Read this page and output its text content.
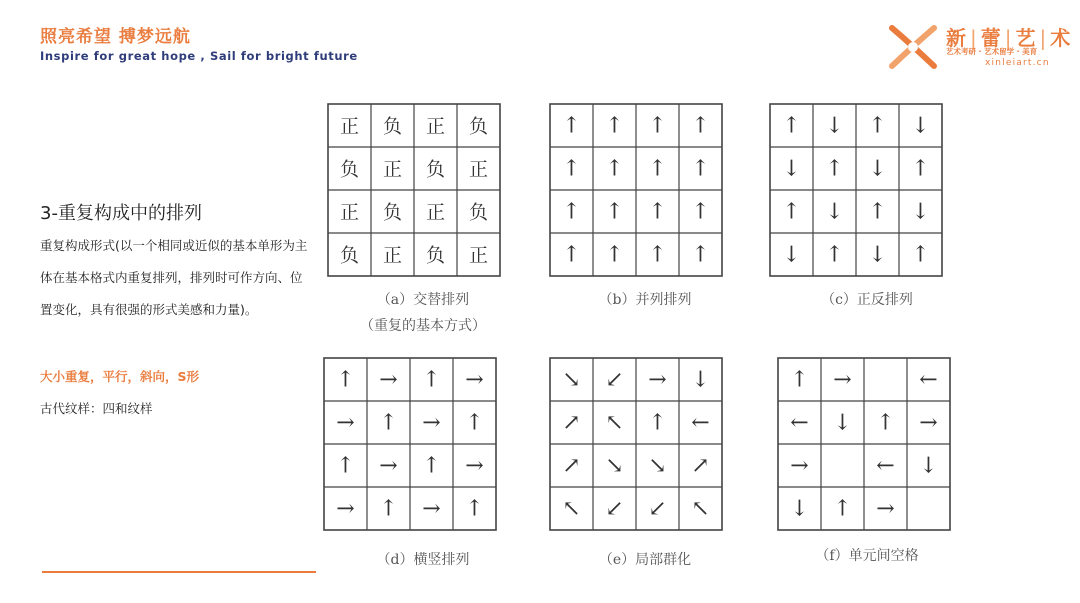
照亮希望 搏梦远航
Inspire for great hope , Sail for bright future
新 | 蕾 | 艺 | 术
艺术考研 · 艺术留学 · 美育
xinleiart.cn
3-重复构成中的排列
重复构成形式(以一个相同或近似的基本单形为主体在基本格式内重复排列，排列时可作方向、位置变化，具有很强的形式美感和力量)。
大小重复，平行，斜向，S形
古代纹样：四和纹样
正 负 正 负
负 正 负 正
正 负 正 负
负 正 负 正
↑ ↑ ↑ ↑
↑ ↑ ↑ ↑
↑ ↑ ↑ ↑
↑ ↑ ↑ ↑
↑ ↓ ↑ ↓
↓ ↑ ↓ ↑
↑ ↓ ↑ ↓
↓ ↑ ↓ ↑
↑ → ↑ →
→ ↑ → ↑
↑ → ↑ →
→ ↑ → ↑
↘ ↙ → ↓
↗ ↖ ↑ ←
↗ ↘ ↘ ↗
↖ ↙ ↙ ↖
↑ →	←
← ↓ ↑ →
→	← ↓
↓ ↑ →
（a）交替排列
（重复的基本方式）
（b）并列排列	（c）正反排列
（d）横竖排列	（e）局部群化	（f）单元间空格
